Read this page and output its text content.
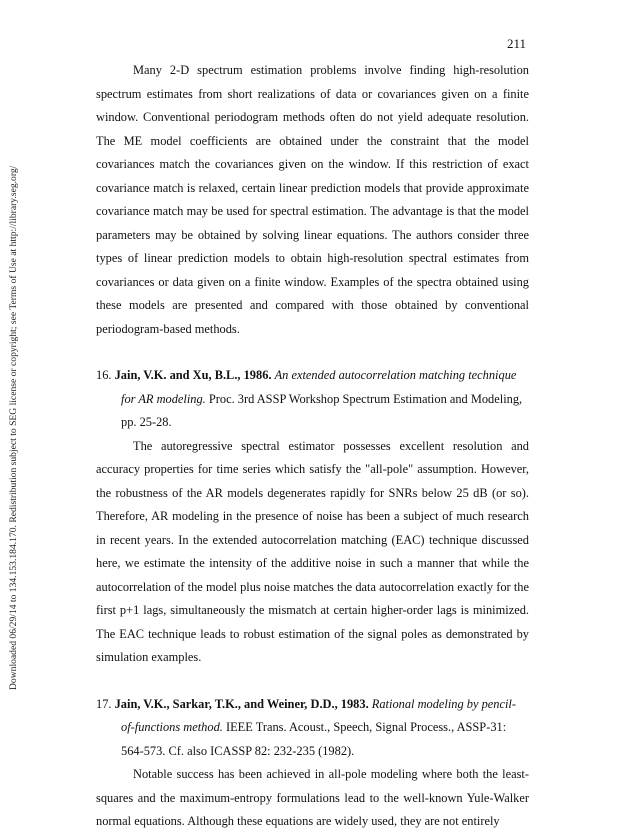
211
Downloaded 06/29/14 to 134.153.184.170. Redistribution subject to SEG license or copyright; see Terms of Use at http://library.seg.org/

Many 2-D spectrum estimation problems involve finding high-resolution spectrum estimates from short realizations of data or covariances given on a finite window. Conventional periodogram methods often do not yield adequate resolution. The ME model coefficients are obtained under the constraint that the model covariances match the covariances given on the window. If this restriction of exact covariance match is relaxed, certain linear prediction models that provide approximate covariance match may be used for spectral estimation. The advantage is that the model parameters may be obtained by solving linear equations. The authors consider three types of linear prediction models to obtain high-resolution spectral estimates from covariances or data given on a finite window. Examples of the spectra obtained using these models are presented and compared with those obtained by conventional periodogram-based methods.

16. Jain, V.K. and Xu, B.L., 1986. An extended autocorrelation matching technique for AR modeling. Proc. 3rd ASSP Workshop Spectrum Estimation and Modeling, pp. 25-28.

The autoregressive spectral estimator possesses excellent resolution and accuracy properties for time series which satisfy the "all-pole" assumption. However, the robustness of the AR models degenerates rapidly for SNRs below 25 dB (or so). Therefore, AR modeling in the presence of noise has been a subject of much research in recent years. In the extended autocorrelation matching (EAC) technique discussed here, we estimate the intensity of the additive noise in such a manner that while the autocorrelation of the model plus noise matches the data autocorrelation exactly for the first p+1 lags, simultaneously the mismatch at certain higher-order lags is minimized. The EAC technique leads to robust estimation of the signal poles as demonstrated by simulation examples.

17. Jain, V.K., Sarkar, T.K., and Weiner, D.D., 1983. Rational modeling by pencil-of-functions method. IEEE Trans. Acoust., Speech, Signal Process., ASSP-31: 564-573. Cf. also ICASSP 82: 232-235 (1982).

Notable success has been achieved in all-pole modeling where both the least-squares and the maximum-entropy formulations lead to the well-known Yule-Walker normal equations. Although these equations are widely used, they are not entirely
